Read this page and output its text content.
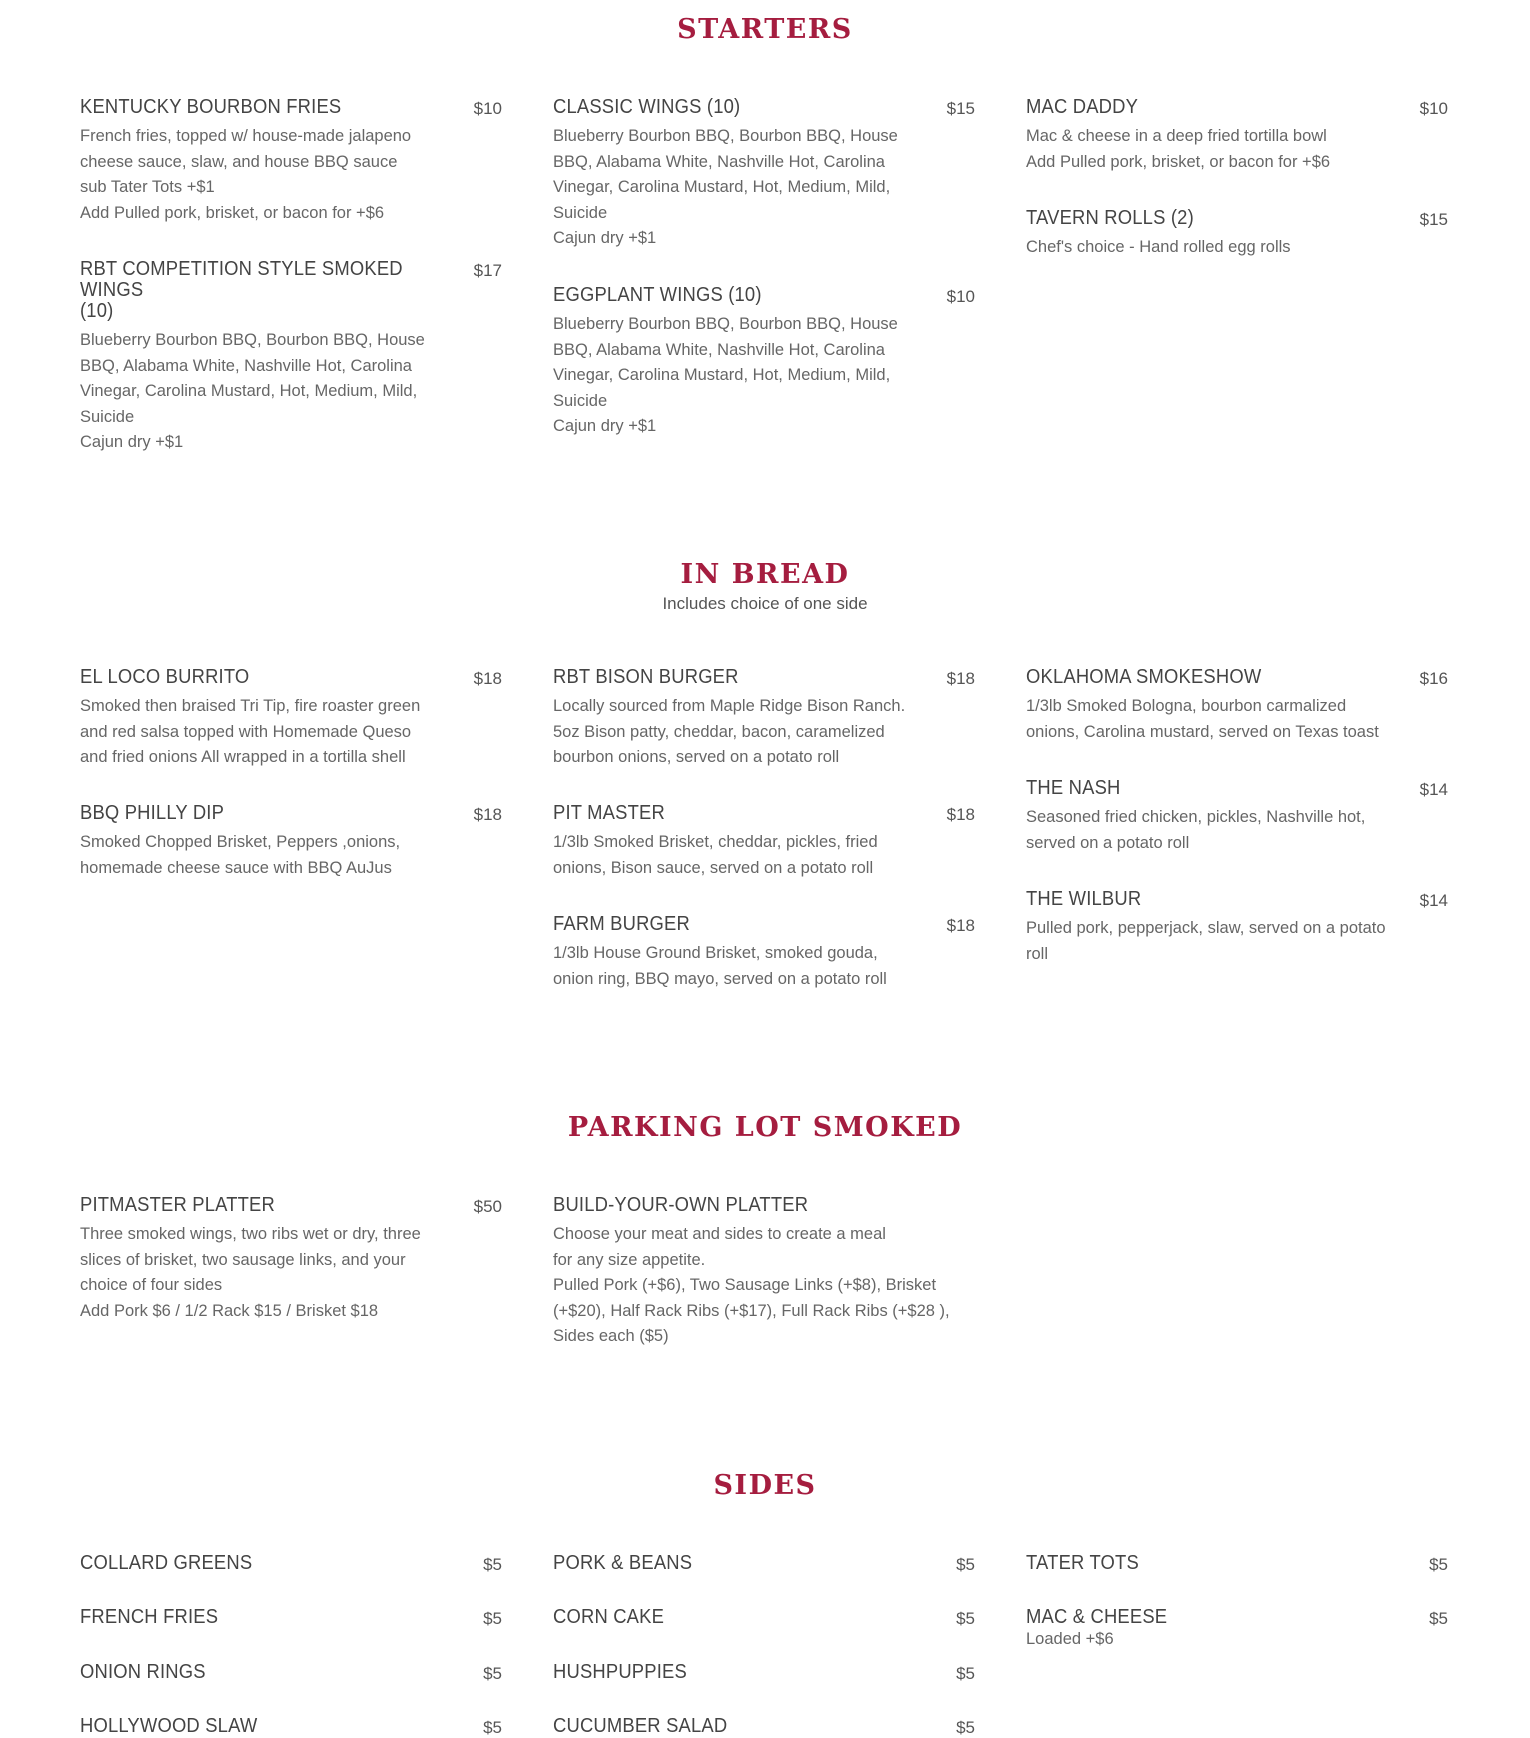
STARTERS
KENTUCKY BOURBON FRIES	$10
French fries, topped w/ house-made jalapeno
cheese sauce, slaw, and house BBQ sauce
sub Tater Tots +$1
Add Pulled pork, brisket, or bacon for +$6
RBT COMPETITION STYLE SMOKED WINGS
(10)
$17
Blueberry Bourbon BBQ, Bourbon BBQ, House
BBQ, Alabama White, Nashville Hot, Carolina
Vinegar, Carolina Mustard, Hot, Medium, Mild,
Suicide
Cajun dry +$1
CLASSIC WINGS (10)	$15
Blueberry Bourbon BBQ, Bourbon BBQ, House
BBQ, Alabama White, Nashville Hot, Carolina
Vinegar, Carolina Mustard, Hot, Medium, Mild,
Suicide
Cajun dry +$1
EGGPLANT WINGS (10)	$10
Blueberry Bourbon BBQ, Bourbon BBQ, House
BBQ, Alabama White, Nashville Hot, Carolina
Vinegar, Carolina Mustard, Hot, Medium, Mild,
Suicide
Cajun dry +$1
MAC DADDY	$10
Mac & cheese in a deep fried tortilla bowl
Add Pulled pork, brisket, or bacon for +$6
TAVERN ROLLS (2)	$15
Chef's choice - Hand rolled egg rolls
IN BREAD
Includes choice of one side
EL LOCO BURRITO	$18
Smoked then braised Tri Tip, fire roaster green
and red salsa topped with Homemade Queso
and fried onions All wrapped in a tortilla shell
BBQ PHILLY DIP	$18
Smoked Chopped Brisket, Peppers ,onions,
homemade cheese sauce with BBQ AuJus
RBT BISON BURGER	$18
Locally sourced from Maple Ridge Bison Ranch.
5oz Bison patty, cheddar, bacon, caramelized
bourbon onions, served on a potato roll
PIT MASTER	$18
1/3lb Smoked Brisket, cheddar, pickles, fried
onions, Bison sauce, served on a potato roll
FARM BURGER	$18
1/3lb House Ground Brisket, smoked gouda,
onion ring, BBQ mayo, served on a potato roll
OKLAHOMA SMOKESHOW	$16
1/3lb Smoked Bologna, bourbon carmalized
onions, Carolina mustard, served on Texas toast
THE NASH	$14
Seasoned fried chicken, pickles, Nashville hot,
served on a potato roll
THE WILBUR	$14
Pulled pork, pepperjack, slaw, served on a potato
roll
PARKING LOT SMOKED
PITMASTER PLATTER	$50
Three smoked wings, two ribs wet or dry, three
slices of brisket, two sausage links, and your
choice of four sides
Add Pork $6 / 1/2 Rack $15 / Brisket $18
BUILD-YOUR-OWN PLATTER
Choose your meat and sides to create a meal
for any size appetite.
Pulled Pork (+$6), Two Sausage Links (+$8), Brisket
(+$20), Half Rack Ribs (+$17), Full Rack Ribs (+$28 ),
Sides each ($5)
SIDES
COLLARD GREENS	$5
FRENCH FRIES	$5
ONION RINGS	$5
HOLLYWOOD SLAW	$5
PORK & BEANS	$5
CORN CAKE	$5
HUSHPUPPIES	$5
CUCUMBER SALAD	$5
TATER TOTS	$5
MAC & CHEESE	$5
Loaded +$6
